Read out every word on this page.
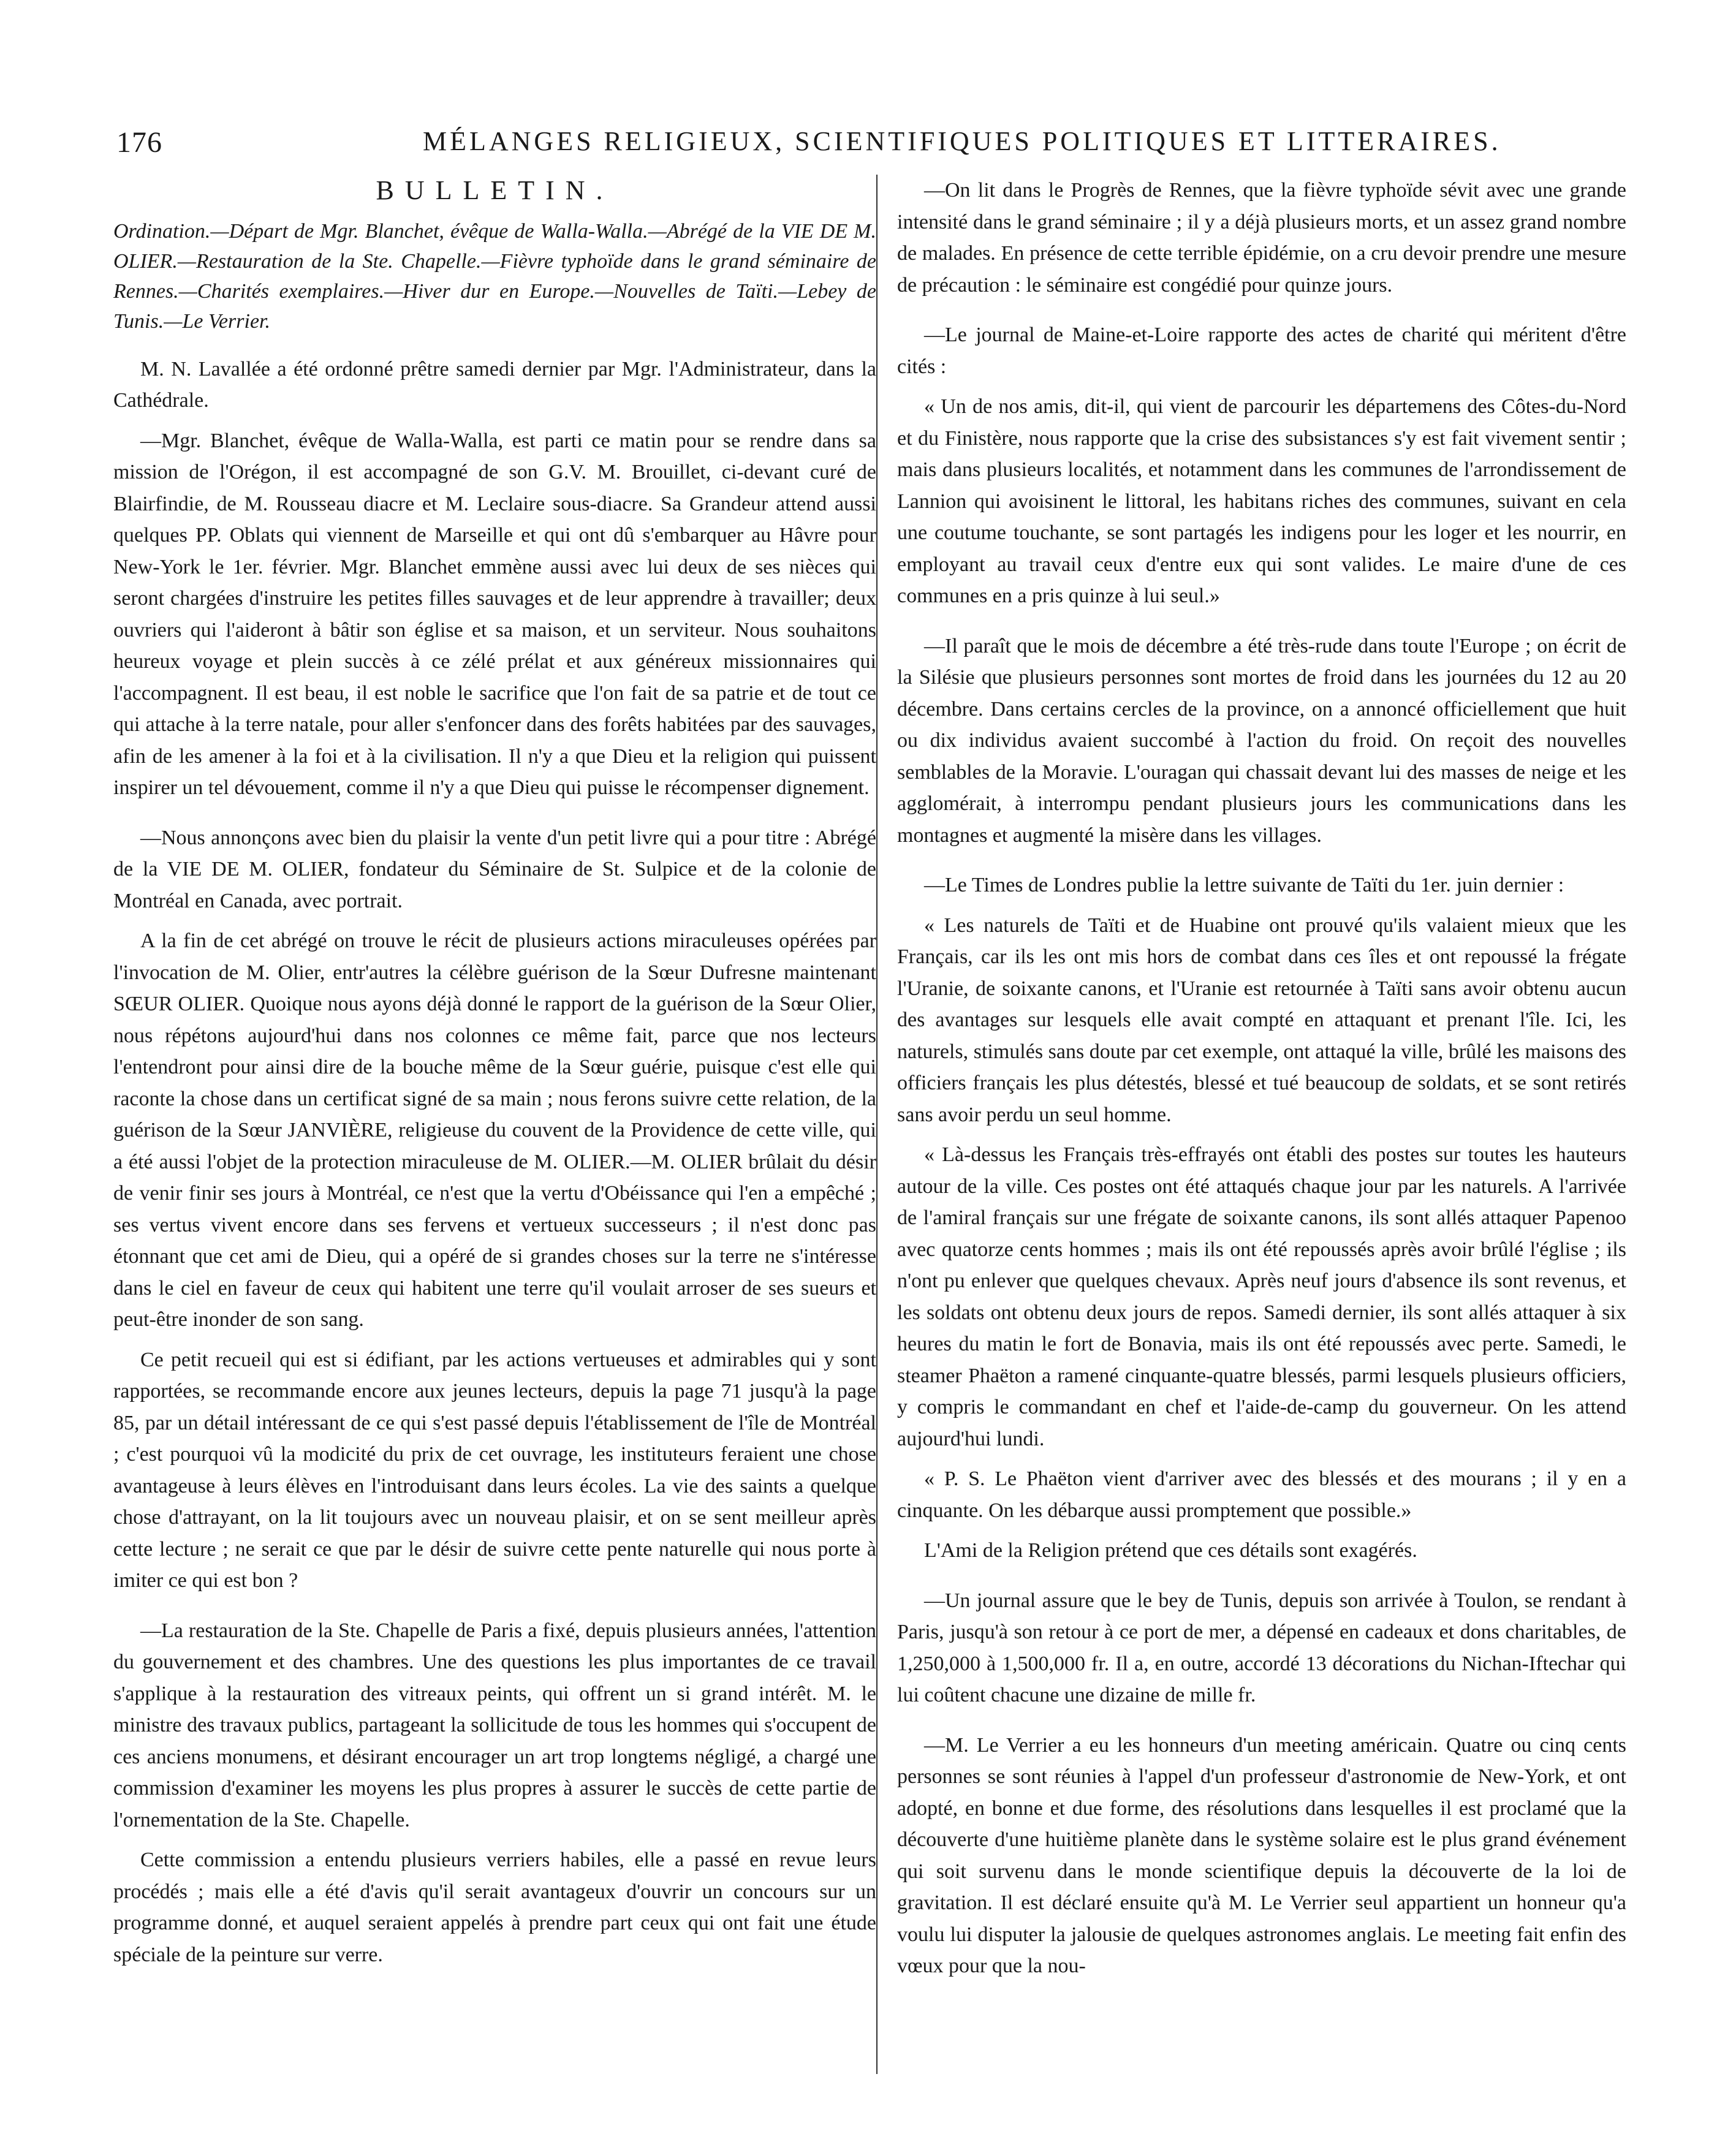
176	MÉLANGES RELIGIEUX, SCIENTIFIQUES POLITIQUES ET LITTERAIRES.
BULLETIN.
Ordination.—Départ de Mgr. Blanchet, évêque de Walla-Walla.—Abrégé de la VIE DE M. OLIER.—Restauration de la Ste. Chapelle.—Fièvre typhoïde dans le grand séminaire de Rennes.—Charités exemplaires.—Hiver dur en Europe.—Nouvelles de Taïti.—Lebey de Tunis.—Le Verrier.

M. N. Lavallée a été ordonné prêtre samedi dernier par Mgr. l'Administrateur, dans la Cathédrale.

—Mgr. Blanchet, évêque de Walla-Walla, est parti ce matin pour se rendre dans sa mission de l'Orégon, il est accompagné de son G.V. M. Brouillet, ci-devant curé de Blairfindie, de M. Rousseau diacre et M. Leclaire sous-diacre. Sa Grandeur attend aussi quelques PP. Oblats qui viennent de Marseille et qui ont dû s'embarquer au Hâvre pour New-York le 1er. février. Mgr. Blanchet emmène aussi avec lui deux de ses nièces qui seront chargées d'instruire les petites filles sauvages et de leur apprendre à travailler; deux ouvriers qui l'aideront à bâtir son église et sa maison, et un serviteur. Nous souhaitons heureux voyage et plein succès à ce zélé prélat et aux généreux missionnaires qui l'accompagnent. Il est beau, il est noble le sacrifice que l'on fait de sa patrie et de tout ce qui attache à la terre natale, pour aller s'enfoncer dans des forêts habitées par des sauvages, afin de les amener à la foi et à la civilisation. Il n'y a que Dieu et la religion qui puissent inspirer un tel dévouement, comme il n'y a que Dieu qui puisse le récompenser dignement.

—Nous annonçons avec bien du plaisir la vente d'un petit livre qui a pour titre : Abrégé de la VIE DE M. OLIER, fondateur du Séminaire de St. Sulpice et de la colonie de Montréal en Canada, avec portrait.

A la fin de cet abrégé on trouve le récit de plusieurs actions miraculeuses opérées par l'invocation de M. Olier, entr'autres la célèbre guérison de la Sœur Dufresne maintenant SŒUR OLIER. Quoique nous ayons déjà donné le rapport de la guérison de la Sœur Olier, nous répétons aujourd'hui dans nos colonnes ce même fait, parce que nos lecteurs l'entendront pour ainsi dire de la bouche même de la Sœur guérie, puisque c'est elle qui raconte la chose dans un certificat signé de sa main ; nous ferons suivre cette relation, de la guérison de la Sœur JANVIÈRE, religieuse du couvent de la Providence de cette ville, qui a été aussi l'objet de la protection miraculeuse de M. OLIER.—M. OLIER brûlait du désir de venir finir ses jours à Montréal, ce n'est que la vertu d'Obéissance qui l'en a empêché ; ses vertus vivent encore dans ses fervens et vertueux successeurs ; il n'est donc pas étonnant que cet ami de Dieu, qui a opéré de si grandes choses sur la terre ne s'intéresse dans le ciel en faveur de ceux qui habitent une terre qu'il voulait arroser de ses sueurs et peut-être inonder de son sang.

Ce petit recueil qui est si édifiant, par les actions vertueuses et admirables qui y sont rapportées, se recommande encore aux jeunes lecteurs, depuis la page 71 jusqu'à la page 85, par un détail intéressant de ce qui s'est passé depuis l'établissement de l'île de Montréal ; c'est pourquoi vû la modicité du prix de cet ouvrage, les instituteurs feraient une chose avantageuse à leurs élèves en l'introduisant dans leurs écoles. La vie des saints a quelque chose d'attrayant, on la lit toujours avec un nouveau plaisir, et on se sent meilleur après cette lecture ; ne serait ce que par le désir de suivre cette pente naturelle qui nous porte à imiter ce qui est bon ?

—La restauration de la Ste. Chapelle de Paris a fixé, depuis plusieurs années, l'attention du gouvernement et des chambres. Une des questions les plus importantes de ce travail s'applique à la restauration des vitreaux peints, qui offrent un si grand intérêt. M. le ministre des travaux publics, partageant la sollicitude de tous les hommes qui s'occupent de ces anciens monumens, et désirant encourager un art trop longtems négligé, a chargé une commission d'examiner les moyens les plus propres à assurer le succès de cette partie de l'ornementation de la Ste. Chapelle.

Cette commission a entendu plusieurs verriers habiles, elle a passé en revue leurs procédés ; mais elle a été d'avis qu'il serait avantageux d'ouvrir un concours sur un programme donné, et auquel seraient appelés à prendre part ceux qui ont fait une étude spéciale de la peinture sur verre.

—On lit dans le Progrès de Rennes, que la fièvre typhoïde sévit avec une grande intensité dans le grand séminaire ; il y a déjà plusieurs morts, et un assez grand nombre de malades. En présence de cette terrible épidémie, on a cru devoir prendre une mesure de précaution : le séminaire est congédié pour quinze jours.

—Le journal de Maine-et-Loire rapporte des actes de charité qui méritent d'être cités :

« Un de nos amis, dit-il, qui vient de parcourir les départemens des Côtes-du-Nord et du Finistère, nous rapporte que la crise des subsistances s'y est fait vivement sentir ; mais dans plusieurs localités, et notamment dans les communes de l'arrondissement de Lannion qui avoisinent le littoral, les habitans riches des communes, suivant en cela une coutume touchante, se sont partagés les indigens pour les loger et les nourrir, en employant au travail ceux d'entre eux qui sont valides. Le maire d'une de ces communes en a pris quinze à lui seul.»

—Il paraît que le mois de décembre a été très-rude dans toute l'Europe ; on écrit de la Silésie que plusieurs personnes sont mortes de froid dans les journées du 12 au 20 décembre. Dans certains cercles de la province, on a annoncé officiellement que huit ou dix individus avaient succombé à l'action du froid. On reçoit des nouvelles semblables de la Moravie. L'ouragan qui chassait devant lui des masses de neige et les agglomérait, à interrompu pendant plusieurs jours les communications dans les montagnes et augmenté la misère dans les villages.

—Le Times de Londres publie la lettre suivante de Taïti du 1er. juin dernier :

« Les naturels de Taïti et de Huabine ont prouvé qu'ils valaient mieux que les Français, car ils les ont mis hors de combat dans ces îles et ont repoussé la frégate l'Uranie, de soixante canons, et l'Uranie est retournée à Taïti sans avoir obtenu aucun des avantages sur lesquels elle avait compté en attaquant et prenant l'île. Ici, les naturels, stimulés sans doute par cet exemple, ont attaqué la ville, brûlé les maisons des officiers français les plus détestés, blessé et tué beaucoup de soldats, et se sont retirés sans avoir perdu un seul homme.

« Là-dessus les Français très-effrayés ont établi des postes sur toutes les hauteurs autour de la ville. Ces postes ont été attaqués chaque jour par les naturels. A l'arrivée de l'amiral français sur une frégate de soixante canons, ils sont allés attaquer Papenoo avec quatorze cents hommes ; mais ils ont été repoussés après avoir brûlé l'église ; ils n'ont pu enlever que quelques chevaux. Après neuf jours d'absence ils sont revenus, et les soldats ont obtenu deux jours de repos. Samedi dernier, ils sont allés attaquer à six heures du matin le fort de Bonavia, mais ils ont été repoussés avec perte. Samedi, le steamer Phaëton a ramené cinquante-quatre blessés, parmi lesquels plusieurs officiers, y compris le commandant en chef et l'aide-de-camp du gouverneur. On les attend aujourd'hui lundi.

« P. S. Le Phaëton vient d'arriver avec des blessés et des mourans ; il y en a cinquante. On les débarque aussi promptement que possible.»

L'Ami de la Religion prétend que ces détails sont exagérés.

—Un journal assure que le bey de Tunis, depuis son arrivée à Toulon, se rendant à Paris, jusqu'à son retour à ce port de mer, a dépensé en cadeaux et dons charitables, de 1,250,000 à 1,500,000 fr. Il a, en outre, accordé 13 décorations du Nichan-Iftechar qui lui coûtent chacune une dizaine de mille fr.

—M. Le Verrier a eu les honneurs d'un meeting américain. Quatre ou cinq cents personnes se sont réunies à l'appel d'un professeur d'astronomie de New-York, et ont adopté, en bonne et due forme, des résolutions dans lesquelles il est proclamé que la découverte d'une huitième planète dans le système solaire est le plus grand événement qui soit survenu dans le monde scientifique depuis la découverte de la loi de gravitation. Il est déclaré ensuite qu'à M. Le Verrier seul appartient un honneur qu'a voulu lui disputer la jalousie de quelques astronomes anglais. Le meeting fait enfin des vœux pour que la nou-
